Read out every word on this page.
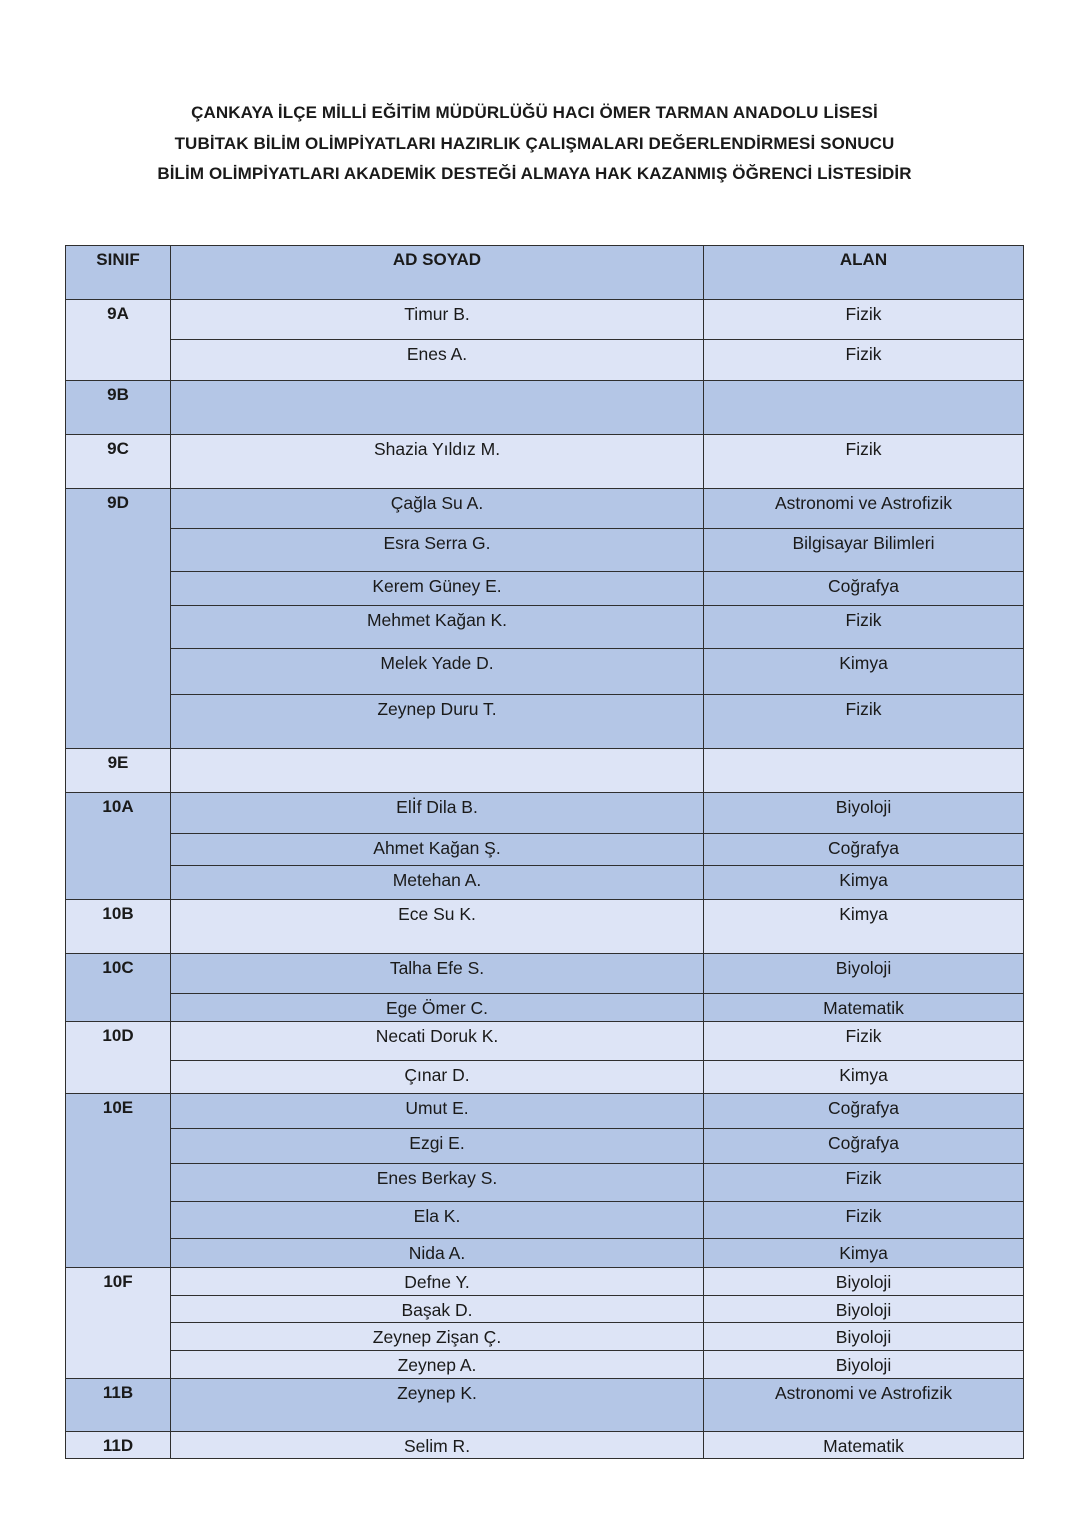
ÇANKAYA İLÇE MİLLİ EĞİTİM MÜDÜRLÜĞÜ HACI ÖMER TARMAN ANADOLU LİSESİ
TUBİTAK BİLİM OLİMPİYATLARI HAZIRLIK ÇALIŞMALARI DEĞERLENDİRMESİ SONUCU
BİLİM OLİMPİYATLARI AKADEMİK DESTEĞİ ALMAYA HAK KAZANMIŞ ÖĞRENCİ LİSTESİDİR
SINIF	AD SOYAD	ALAN

9A	Timur B.	Fizik

	Enes A.	Fizik

9B		

9C	Shazia Yıldız M.	Fizik

9D	Çağla Su A.	Astronomi ve Astrofizik

	Esra Serra G.	Bilgisayar Bilimleri

	Kerem Güney E.	Coğrafya

	Mehmet Kağan K.	Fizik

	Melek Yade D.	Kimya

	Zeynep Duru T.	Fizik

9E		

10A	Elİf Dila B.	Biyoloji

	Ahmet Kağan Ş.	Coğrafya

	Metehan A.	Kimya

10B	Ece Su K.	Kimya

10C	Talha Efe S.	Biyoloji

	Ege Ömer C.	Matematik

10D	Necati Doruk K.	Fizik

	Çınar D.	Kimya

10E	Umut E.	Coğrafya

	Ezgi E.	Coğrafya

	Enes Berkay S.	Fizik

	Ela K.	Fizik

	Nida A.	Kimya

10F	Defne Y.	Biyoloji

	Başak D.	Biyoloji

	Zeynep Zişan Ç.	Biyoloji

	Zeynep A.	Biyoloji

11B	Zeynep K.	Astronomi ve Astrofizik

11D	Selim R.	Matematik
